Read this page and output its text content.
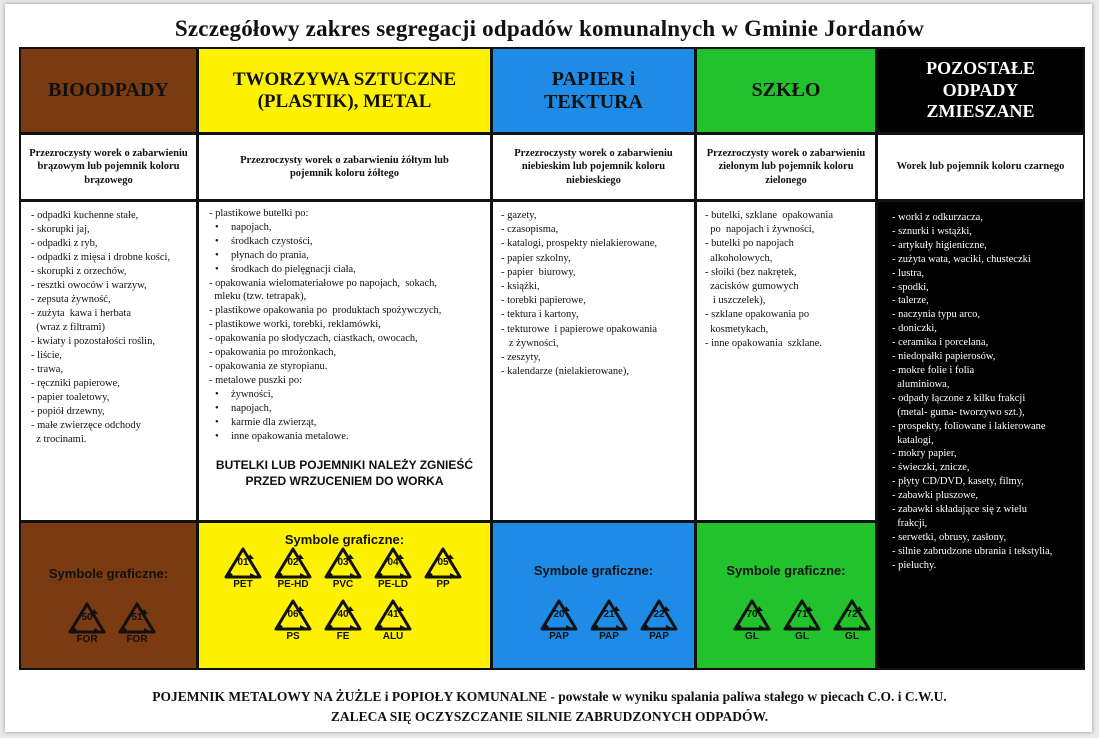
Szczegółowy zakres segregacji odpadów komunalnych w Gminie Jordanów
BIOODPADY
Przezroczysty worek o zabarwieniu brązowym lub pojemnik koloru brązowego
- odpadki kuchenne stałe,
- skorupki jaj,
- odpadki z ryb,
- odpadki z mięsa i drobne kości,
- skorupki z orzechów,
- resztki owoców i warzyw,
- zepsuta żywność,
- zużyta  kawa i herbata
(wraz z filtrami)
- kwiaty i pozostałości roślin,
- liście,
- trawa,
- ręczniki papierowe,
- papier toaletowy,
- popiół drzewny,
- małe zwierzęce odchody
z trocinami.
Symbole graficzne:
50
FOR
51
FOR
TWORZYWA SZTUCZNE (PLASTIK), METAL
Przezroczysty worek o zabarwieniu żółtym lub pojemnik koloru żółtego
- plastikowe butelki po:
• napojach,
• środkach czystości,
• płynach do prania,
• środkach do pielęgnacji ciała,
- opakowania wielomateriałowe po napojach,  sokach,
mleku (tzw. tetrapak),
- plastikowe opakowania po  produktach spożywczych,
- plastikowe worki, torebki, reklamówki,
- opakowania po słodyczach, ciastkach, owocach,
- opakowania po mrożonkach,
- opakowania ze styropianu.
- metalowe puszki po:
• żywności,
• napojach,
• karmie dla zwierząt,
• inne opakowania metalowe.
BUTELKI LUB POJEMNIKI NALEŻY ZGNIEŚĆ PRZED WRZUCENIEM DO WORKA
Symbole graficzne:
01
PET
02
PE-HD
03
PVC
04
PE-LD
05
PP
06
PS
40
FE
41
ALU
PAPIER i TEKTURA
Przezroczysty worek o zabarwieniu niebieskim lub pojemnik koloru niebieskiego
- gazety,
- czasopisma,
- katalogi, prospekty nielakierowane,
- papier szkolny,
- papier  biurowy,
- książki,
- torebki papierowe,
- tektura i kartony,
- tekturowe  i papierowe opakowania
z żywności,
- zeszyty,
- kalendarze (nielakierowane),
Symbole graficzne:
20
PAP
21
PAP
22
PAP
SZKŁO
Przezroczysty worek o zabarwieniu zielonym lub pojemnik koloru zielonego
- butelki, szklane  opakowania
po  napojach i żywności,
- butelki po napojach
alkoholowych,
- słoiki (bez nakrętek,
zacisków gumowych
i uszczelek),
- szklane opakowania po
kosmetykach,
- inne opakowania  szklane.
Symbole graficzne:
70
GL
71
GL
72
GL
POZOSTAŁE ODPADY ZMIESZANE
Worek lub pojemnik koloru czarnego
- worki z odkurzacza,
- sznurki i wstążki,
- artykuły higieniczne,
- zużyta wata, waciki, chusteczki
- lustra,
- spodki,
- talerze,
- naczynia typu arco,
- doniczki,
- ceramika i porcelana,
- niedopałki papierosów,
- mokre folie i folia
aluminiowa,
- odpady łączone z kilku frakcji
(metal- guma- tworzywo szt.),
- prospekty, foliowane i lakierowane
katalogi,
- mokry papier,
- świeczki, znicze,
- płyty CD/DVD, kasety, filmy,
- zabawki pluszowe,
- zabawki składające się z wielu
frakcji,
- serwetki, obrusy, zasłony,
- silnie zabrudzone ubrania i tekstylia,
- pieluchy.
POJEMNIK METALOWY NA ŻUŻLE i POPIOŁY KOMUNALNE - powstałe w wyniku spalania paliwa stałego w piecach C.O. i C.W.U.
ZALECA SIĘ OCZYSZCZANIE SILNIE ZABRUDZONYCH ODPADÓW.
